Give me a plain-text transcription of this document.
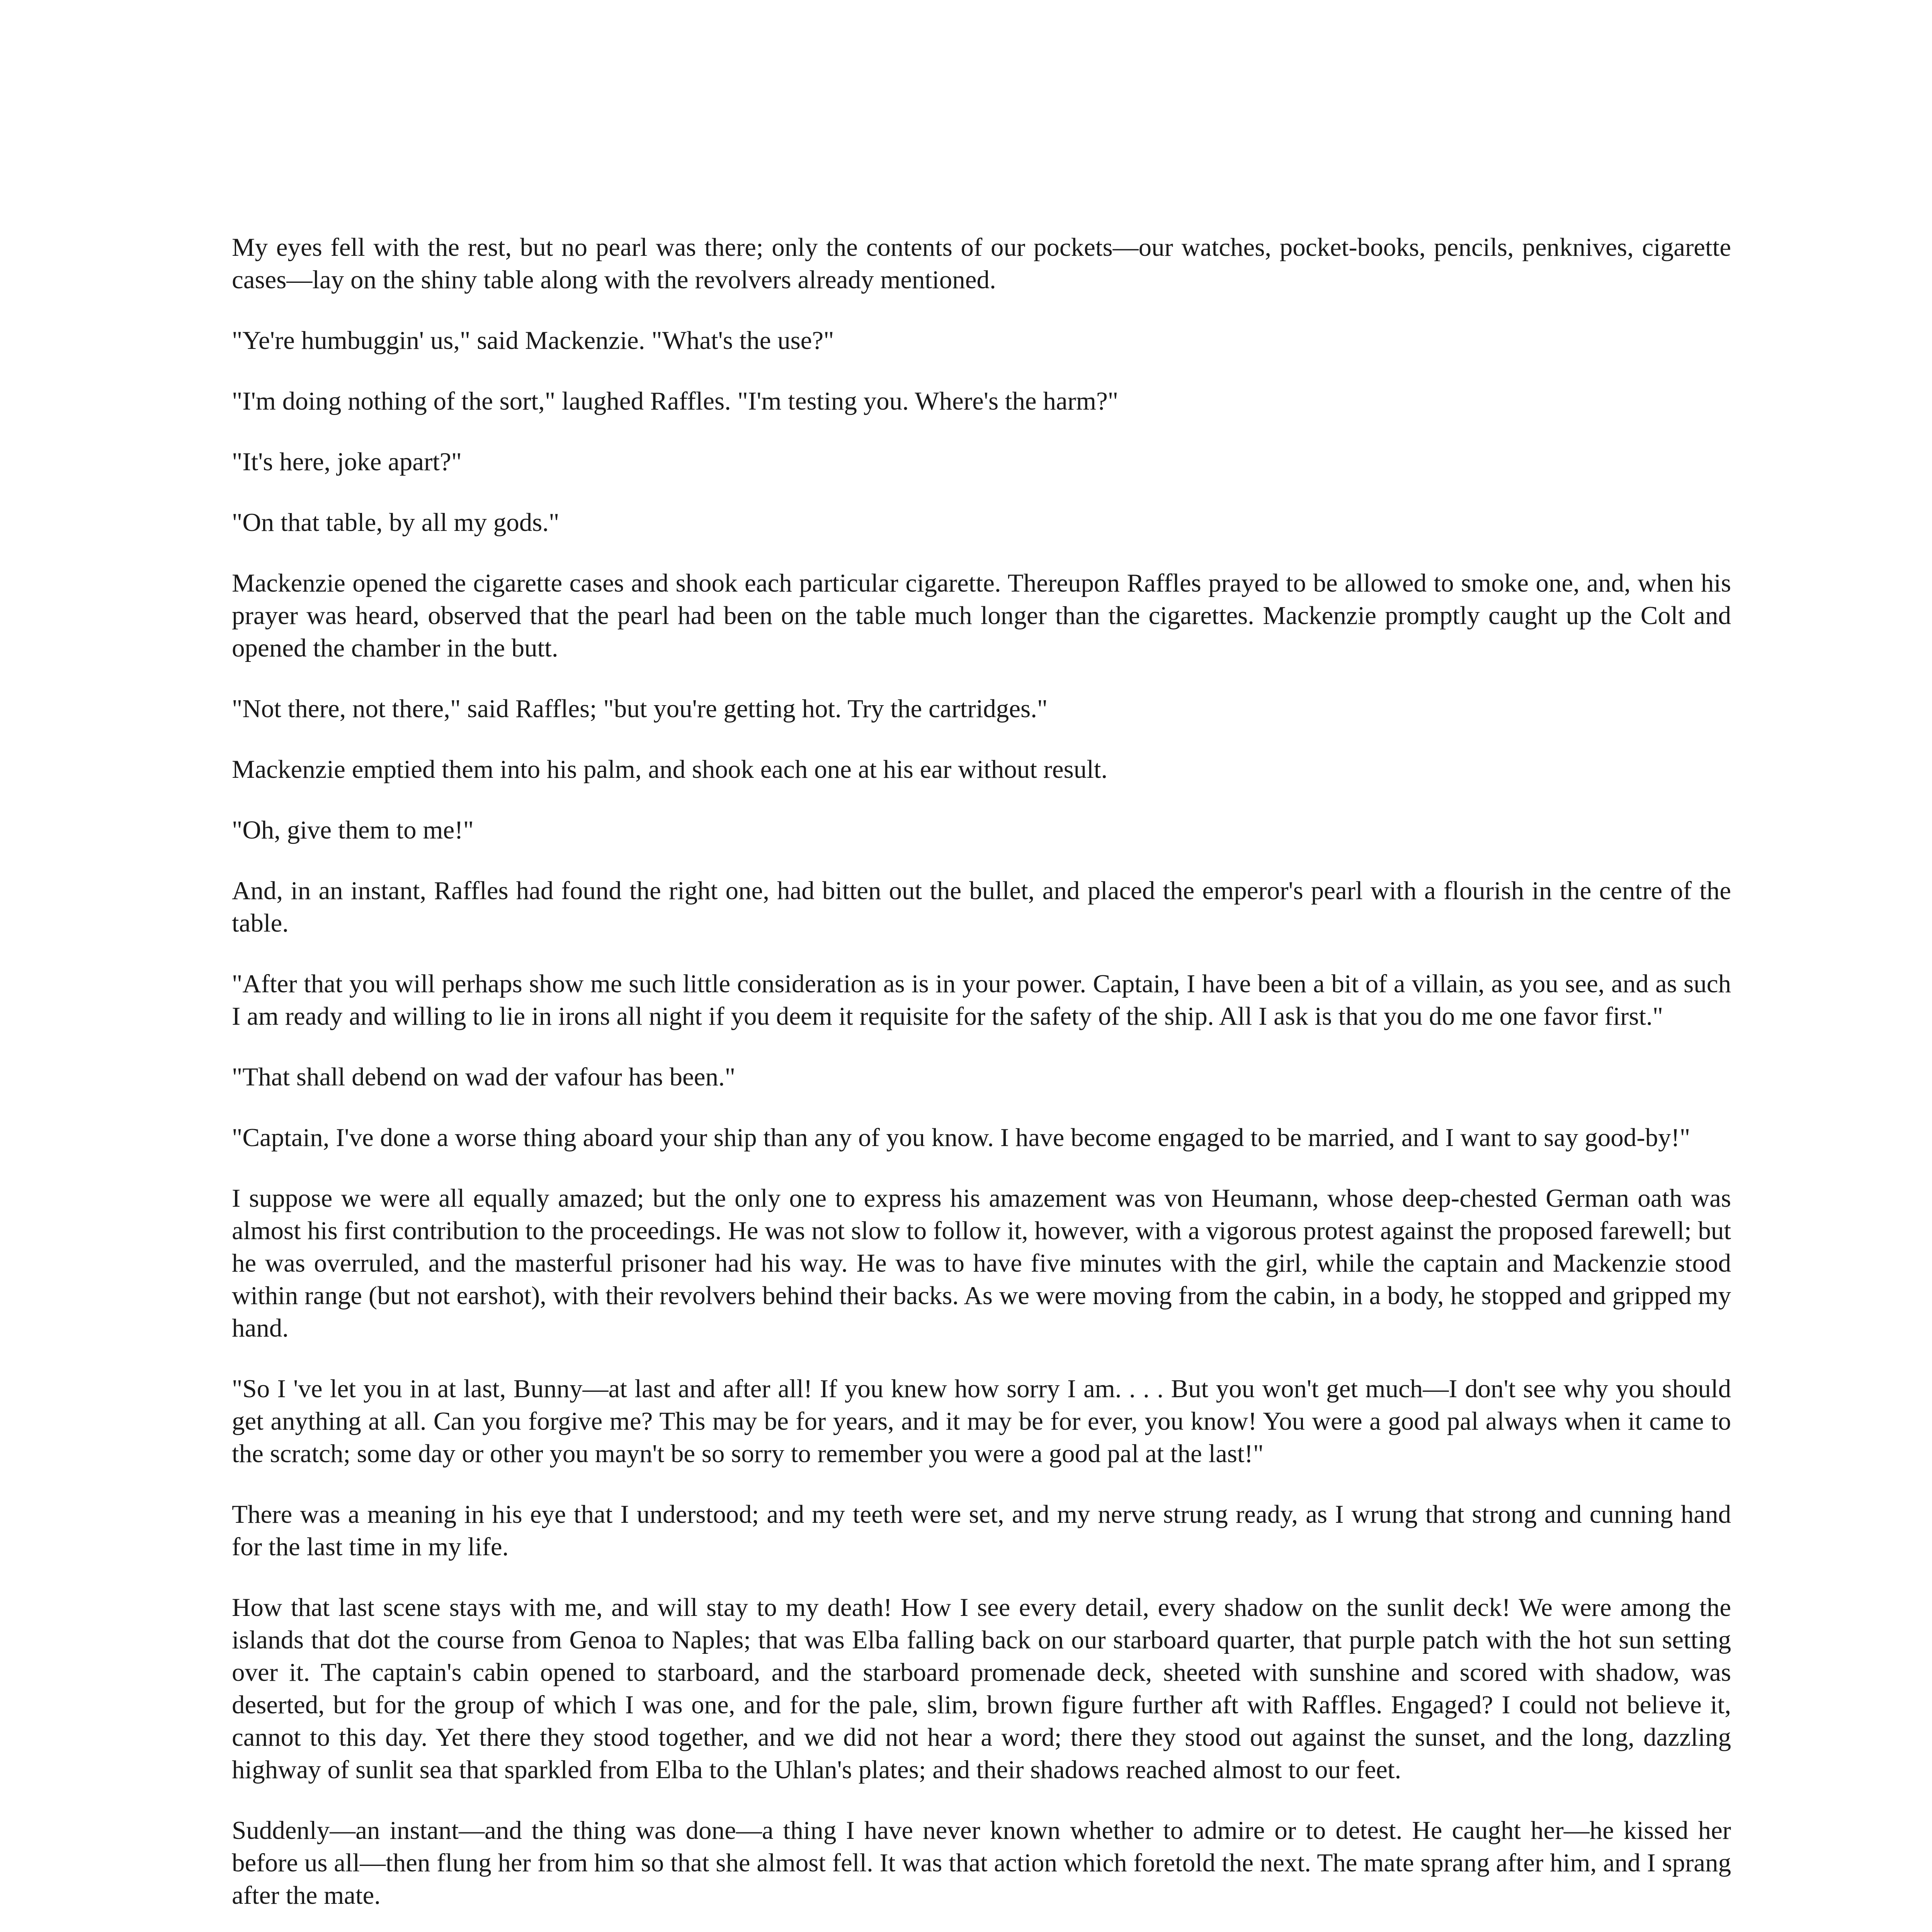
My eyes fell with the rest, but no pearl was there; only the contents of our pockets—our watches, pocket-books, pencils, penknives, cigarette cases—lay on the shiny table along with the revolvers already mentioned.

"Ye're humbuggin' us," said Mackenzie. "What's the use?"

"I'm doing nothing of the sort," laughed Raffles. "I'm testing you. Where's the harm?"

"It's here, joke apart?"

"On that table, by all my gods."

Mackenzie opened the cigarette cases and shook each particular cigarette. Thereupon Raffles prayed to be allowed to smoke one, and, when his prayer was heard, observed that the pearl had been on the table much longer than the cigarettes. Mackenzie promptly caught up the Colt and opened the chamber in the butt.

"Not there, not there," said Raffles; "but you're getting hot. Try the cartridges."

Mackenzie emptied them into his palm, and shook each one at his ear without result.

"Oh, give them to me!"

And, in an instant, Raffles had found the right one, had bitten out the bullet, and placed the emperor's pearl with a flourish in the centre of the table.

"After that you will perhaps show me such little consideration as is in your power. Captain, I have been a bit of a villain, as you see, and as such I am ready and willing to lie in irons all night if you deem it requisite for the safety of the ship. All I ask is that you do me one favor first."

"That shall debend on wad der vafour has been."

"Captain, I've done a worse thing aboard your ship than any of you know. I have become engaged to be married, and I want to say good-by!"

I suppose we were all equally amazed; but the only one to express his amazement was von Heumann, whose deep-chested German oath was almost his first contribution to the proceedings. He was not slow to follow it, however, with a vigorous protest against the proposed farewell; but he was overruled, and the masterful prisoner had his way. He was to have five minutes with the girl, while the captain and Mackenzie stood within range (but not earshot), with their revolvers behind their backs. As we were moving from the cabin, in a body, he stopped and gripped my hand.

"So I 've let you in at last, Bunny—at last and after all! If you knew how sorry I am. . . . But you won't get much—I don't see why you should get anything at all. Can you forgive me? This may be for years, and it may be for ever, you know! You were a good pal always when it came to the scratch; some day or other you mayn't be so sorry to remember you were a good pal at the last!"

There was a meaning in his eye that I understood; and my teeth were set, and my nerve strung ready, as I wrung that strong and cunning hand for the last time in my life.

How that last scene stays with me, and will stay to my death! How I see every detail, every shadow on the sunlit deck! We were among the islands that dot the course from Genoa to Naples; that was Elba falling back on our starboard quarter, that purple patch with the hot sun setting over it. The captain's cabin opened to starboard, and the starboard promenade deck, sheeted with sunshine and scored with shadow, was deserted, but for the group of which I was one, and for the pale, slim, brown figure further aft with Raffles. Engaged? I could not believe it, cannot to this day. Yet there they stood together, and we did not hear a word; there they stood out against the sunset, and the long, dazzling highway of sunlit sea that sparkled from Elba to the Uhlan's plates; and their shadows reached almost to our feet.

Suddenly—an instant—and the thing was done—a thing I have never known whether to admire or to detest. He caught her—he kissed her before us all—then flung her from him so that she almost fell. It was that action which foretold the next. The mate sprang after him, and I sprang after the mate.
